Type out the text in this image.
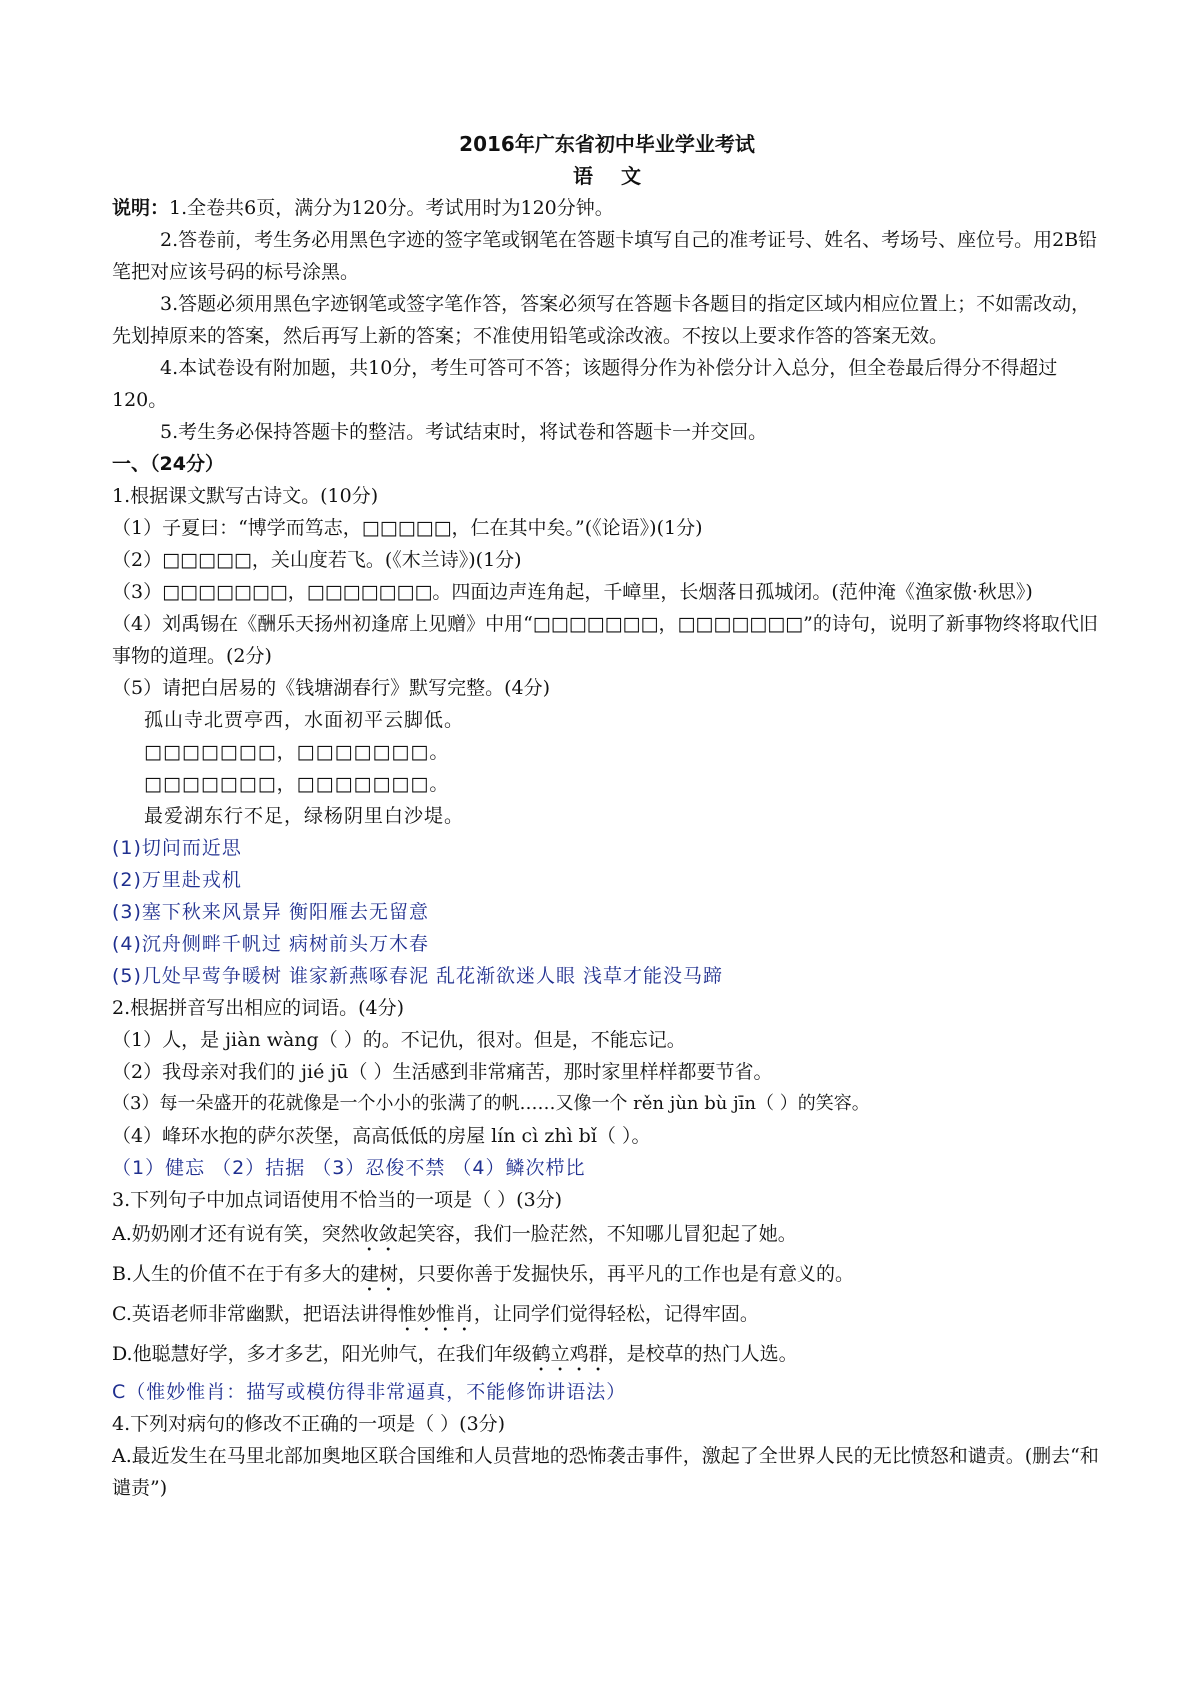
2016年广东省初中毕业学业考试
语文
说明：1.全卷共6页，满分为120分。考试用时为120分钟。

2.答卷前，考生务必用黑色字迹的签字笔或钢笔在答题卡填写自己的准考证号、姓名、考场号、座位号。用2B铅笔把对应该号码的标号涂黑。

3.答题必须用黑色字迹钢笔或签字笔作答，答案必须写在答题卡各题目的指定区域内相应位置上；不如需改动，先划掉原来的答案，然后再写上新的答案；不准使用铅笔或涂改液。不按以上要求作答的答案无效。

4.本试卷设有附加题，共10分，考生可答可不答；该题得分作为补偿分计入总分，但全卷最后得分不得超过120。

5.考生务必保持答题卡的整洁。考试结束时，将试卷和答题卡一并交回。

一、（24分）
1.根据课文默写古诗文。(10分)
（1）子夏曰：“博学而笃志，□□□□□，仁在其中矣。”(《论语》)(1分)
（2）□□□□□，关山度若飞。(《木兰诗》)(1分)

（3）□□□□□□□，□□□□□□□。四面边声连角起，千嶂里，长烟落日孤城闭。(范仲淹《渔家傲·秋思》)

（4）刘禹锡在《酬乐天扬州初逢席上见赠》中用“□□□□□□□，□□□□□□□”的诗句，说明了新事物终将取代旧事物的道理。(2分)

（5）请把白居易的《钱塘湖春行》默写完整。(4分)
孤山寺北贾亭西，水面初平云脚低。
□□□□□□□，□□□□□□□。
□□□□□□□，□□□□□□□。
最爱湖东行不足，绿杨阴里白沙堤。
(1)切问而近思
(2)万里赴戎机
(3)塞下秋来风景异 衡阳雁去无留意
(4)沉舟侧畔千帆过 病树前头万木春
(5)几处早莺争暖树 谁家新燕啄春泥 乱花渐欲迷人眼 浅草才能没马蹄
2.根据拼音写出相应的词语。(4分)
（1）人，是 jiàn wàng（ ）的。不记仇，很对。但是，不能忘记。
（2）我母亲对我们的 jié jū（ ）生活感到非常痛苦，那时家里样样都要节省。
（3）每一朵盛开的花就像是一个小小的张满了的帆……又像一个 rěn jùn bù jīn（ ）的笑容。
（4）峰环水抱的萨尔茨堡，高高低低的房屋 lín cì zhì bǐ（ ）。
（1）健忘 （2）拮据 （3）忍俊不禁 （4）鳞次栉比
3.下列句子中加点词语使用不恰当的一项是（ ）(3分)
A.奶奶刚才还有说有笑，突然收敛起笑容，我们一脸茫然，不知哪儿冒犯起了她。
B.人生的价值不在于有多大的建树，只要你善于发掘快乐，再平凡的工作也是有意义的。
C.英语老师非常幽默，把语法讲得惟妙惟肖，让同学们觉得轻松，记得牢固。
D.他聪慧好学，多才多艺，阳光帅气，在我们年级鹤立鸡群，是校草的热门人选。
C（惟妙惟肖：描写或模仿得非常逼真，不能修饰讲语法）
4.下列对病句的修改不正确的一项是（ ）(3分)

A.最近发生在马里北部加奥地区联合国维和人员营地的恐怖袭击事件，激起了全世界人民的无比愤怒和谴责。(删去“和谴责”)
